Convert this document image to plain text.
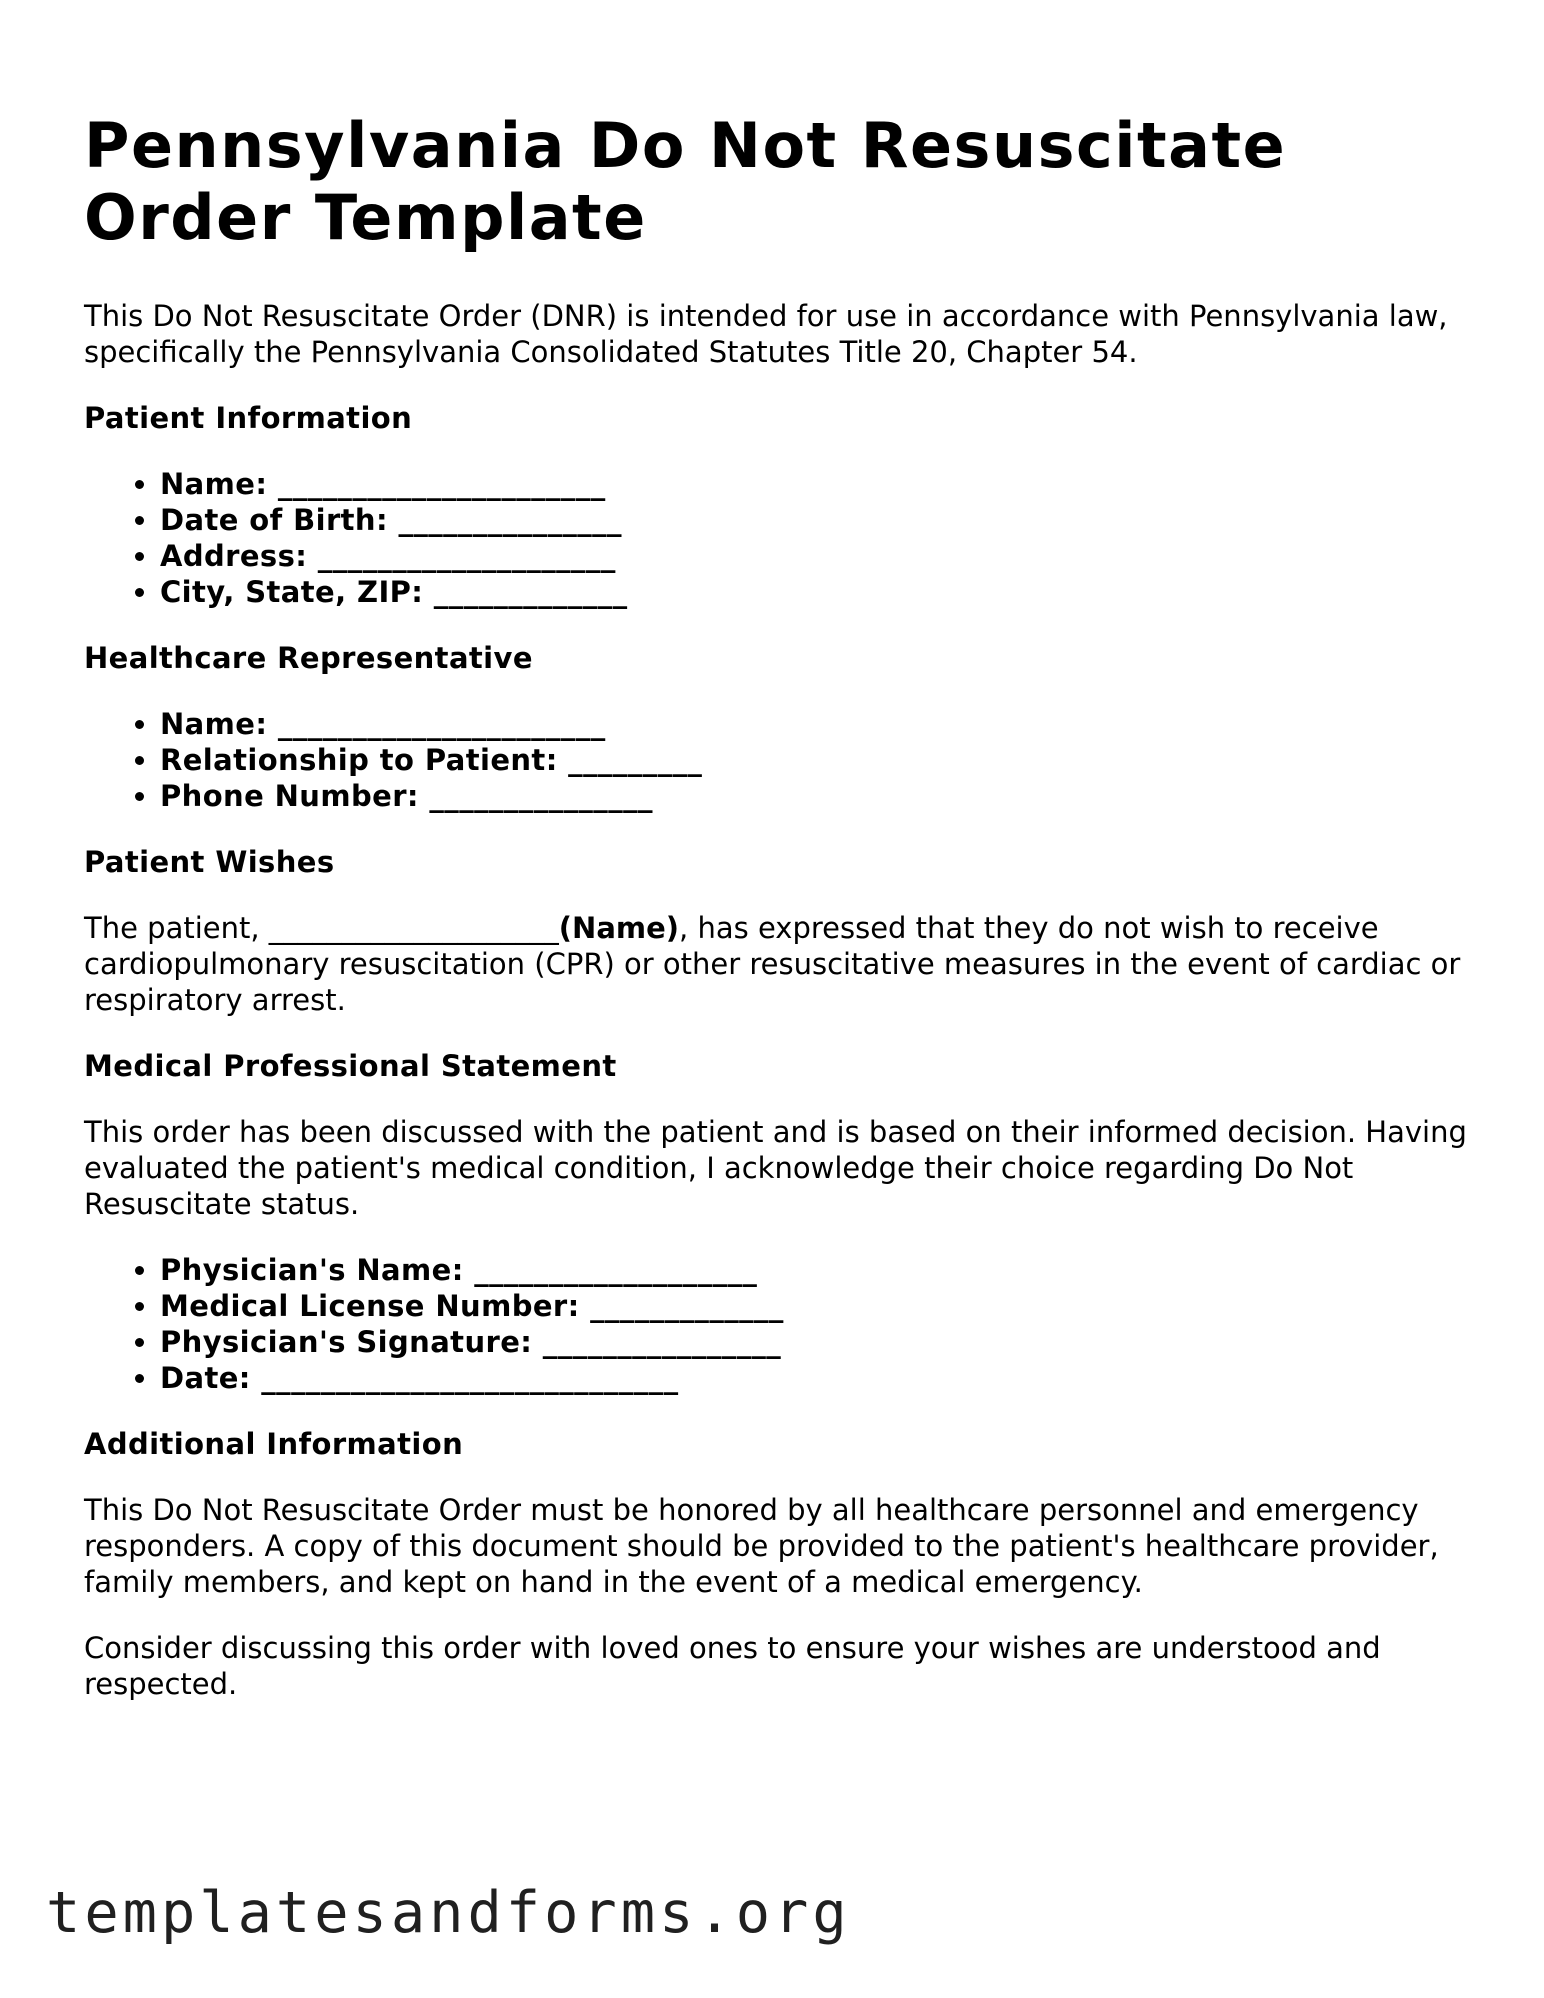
Pennsylvania Do Not Resuscitate Order Template

This Do Not Resuscitate Order (DNR) is intended for use in accordance with Pennsylvania law, specifically the Pennsylvania Consolidated Statutes Title 20, Chapter 54.

Patient Information
• Name: ______________________
• Date of Birth: _______________
• Address: ____________________
• City, State, ZIP: _____________
Healthcare Representative
• Name: ______________________
• Relationship to Patient: _________
• Phone Number: _______________
Patient Wishes

The patient, ____________________(Name), has expressed that they do not wish to receive cardiopulmonary resuscitation (CPR) or other resuscitative measures in the event of cardiac or respiratory arrest.

Medical Professional Statement

This order has been discussed with the patient and is based on their informed decision. Having evaluated the patient's medical condition, I acknowledge their choice regarding Do Not Resuscitate status.

• Physician's Name: ___________________
• Medical License Number: _____________
• Physician's Signature: ________________
• Date: ____________________________
Additional Information

This Do Not Resuscitate Order must be honored by all healthcare personnel and emergency responders. A copy of this document should be provided to the patient's healthcare provider, family members, and kept on hand in the event of a medical emergency.

Consider discussing this order with loved ones to ensure your wishes are understood and respected.

templatesandforms.org
